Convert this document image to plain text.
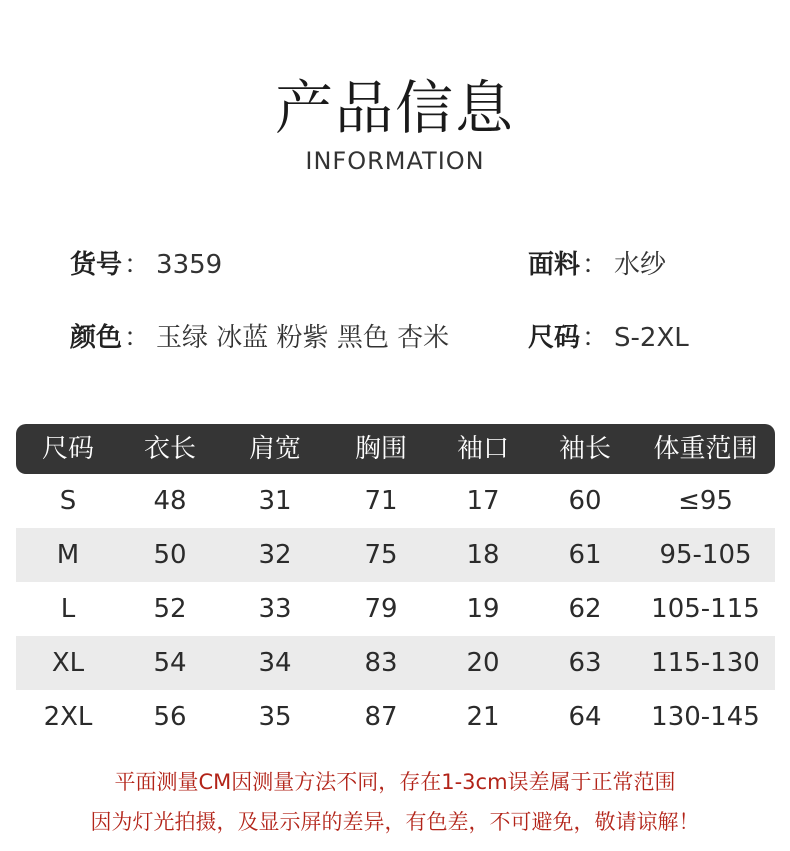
产品信息
INFORMATION
货号： 3359	面料： 水纱
颜色： 玉绿 冰蓝 粉紫 黑色 杏米	尺码： S-2XL
尺码	衣长	肩宽	胸围	袖口	袖长	体重范围
S	48	31	71	17	60	≤95
M	50	32	75	18	61	95-105
L	52	33	79	19	62	105-115
XL	54	34	83	20	63	115-130
2XL	56	35	87	21	64	130-145
平面测量CM因测量方法不同，存在1-3cm误差属于正常范围
因为灯光拍摄，及显示屏的差异，有色差，不可避免，敬请谅解！
